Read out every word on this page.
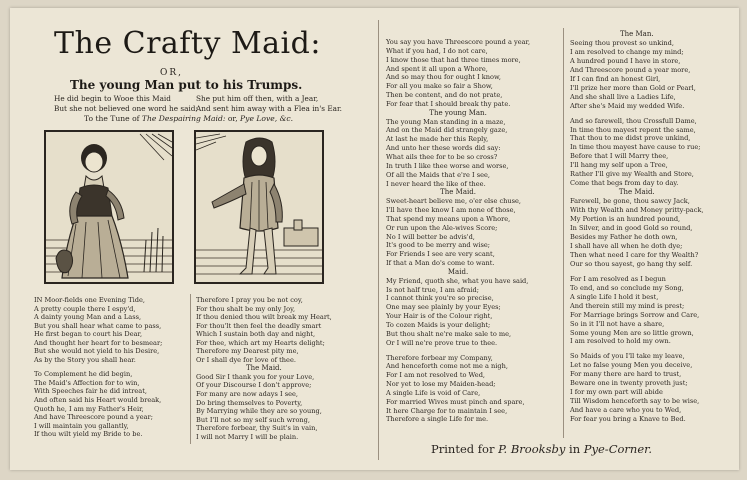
The Crafty Maid:
OR,
The young Man put to his Trumps.
He did begin to Wooe this Maid
But she not believed one word he said;
She put him off then, with a Jear,
And sent him away with a Flea in's Ear.
To the Tune of The Despairing Maid: or, Pye Love, &c.
IN Moor-fields one Evening Tide,
A pretty couple there I espy'd,
A dainty young Man and a Lass,
But you shall hear what came to pass,
He first began to court his Dear,
And thought her heart for to besmear;
But she would not yield to his Desire,
As by the Story you shall hear.
To Complement he did begin,
The Maid's Affection for to win,
With Speeches fair he did intreat,
And often said his Heart would break,
Quoth he, I am my Father's Heir,
And have Threescore pound a year;
I will maintain you gallantly,
If thou wilt yield my Bride to be.
Therefore I pray you be not coy,
For thou shalt be my only Joy,
If thou denied thou wilt break my Heart,
For thou'lt then feel the deadly smart
Which I sustain both day and night,
For thee, which art my Hearts delight;
Therefore my Dearest pity me,
Or I shall dye for love of thee.
The Maid.
Good Sir I thank you for your Love,
Of your Discourse I don't approve;
For many are now adays I see,
Do bring themselves to Poverty,
By Marrying while they are so young,
But I'll not so my self such wrong,
Therefore forbear, thy Suit's in vain,
I will not Marry I will be plain.
You say you have Threescore pound a year,
What if you had, I do not care,
I know those that had three times more,
And spent it all upon a Whore,
And so may thou for ought I know,
For all you make so fair a Show,
Then be content, and do not prate,
For fear that I should break thy pate.
The young Man.
The young Man standing in a maze,
And on the Maid did strangely gaze,
At last he made her this Reply,
And unto her these words did say:
What ails thee for to be so cross?
In truth I like thee worse and worse,
Of all the Maids that e're I see,
I never heard the like of thee.
The Maid.
Sweet-heart believe me, o'er else chuse,
I'll have thee know I am none of those,
That spend my means upon a Whore,
Or run upon the Ale-wives Score;
No I will better be advis'd,
It's good to be merry and wise;
For Friends I see are very scant,
If that a Man do's come to want.
Maid.
My Friend, quoth she, what you have said,
Is not half true, I am afraid;
I cannot think you're so precise,
One may see plainly by your Eyes;
Your Hair is of the Colour right,
To cozen Maids is your delight;
But thou shalt ne're make sale to me,
Or I will ne're prove true to thee.
Therefore forbear my Company,
And henceforth come not me a nigh,
For I am not resolved to Wed,
Nor yet to lose my Maiden-head;
A single Life is void of Care,
For married Wives must pinch and spare,
It here Charge for to maintain I see,
Therefore a single Life for me.
The Man.
Seeing thou provest so unkind,
I am resolved to change my mind;
A hundred pound I have in store,
And Threescore pound a year more,
If I can find an honest Girl,
I'll prize her more than Gold or Pearl,
And she shall live a Ladies Life,
After she's Maid my wedded Wife.
And so farewell, thou Crossfull Dame,
In time thou mayest repent the same,
That thou to me didst prove unkind,
In time thou mayest have cause to rue;
Before that I will Marry thee,
I'll hang my self upon a Tree,
Rather I'll give my Wealth and Store,
Come that begs from day to day.
The Maid.
Farewell, be gone, thou sawcy Jack,
With thy Wealth and Money pritty-pack,
My Portion is an hundred pound,
In Silver, and in good Gold so round,
Besides my Father he doth own,
I shall have all when he doth dye;
Then what need I care for thy Wealth?
Our so thou sayest, go hang thy self.
For I am resolved as I begun
To end, and so conclude my Song,
A single Life I hold it best,
And therein still my mind is prest;
For Marriage brings Sorrow and Care,
So in it I'll not have a share,
Some young Men are so little grown,
I am resolved to hold my own.
So Maids of you I'll take my leave,
Let no false young Men you deceive,
For many there are hard to trust,
Beware one in twenty proveth just;
I for my own part will abide
Till Wisdom henceforth say to be wise,
And have a care who you to Wed,
For fear you bring a Knave to Bed.
Printed for P. Brooksby in Pye-Corner.
